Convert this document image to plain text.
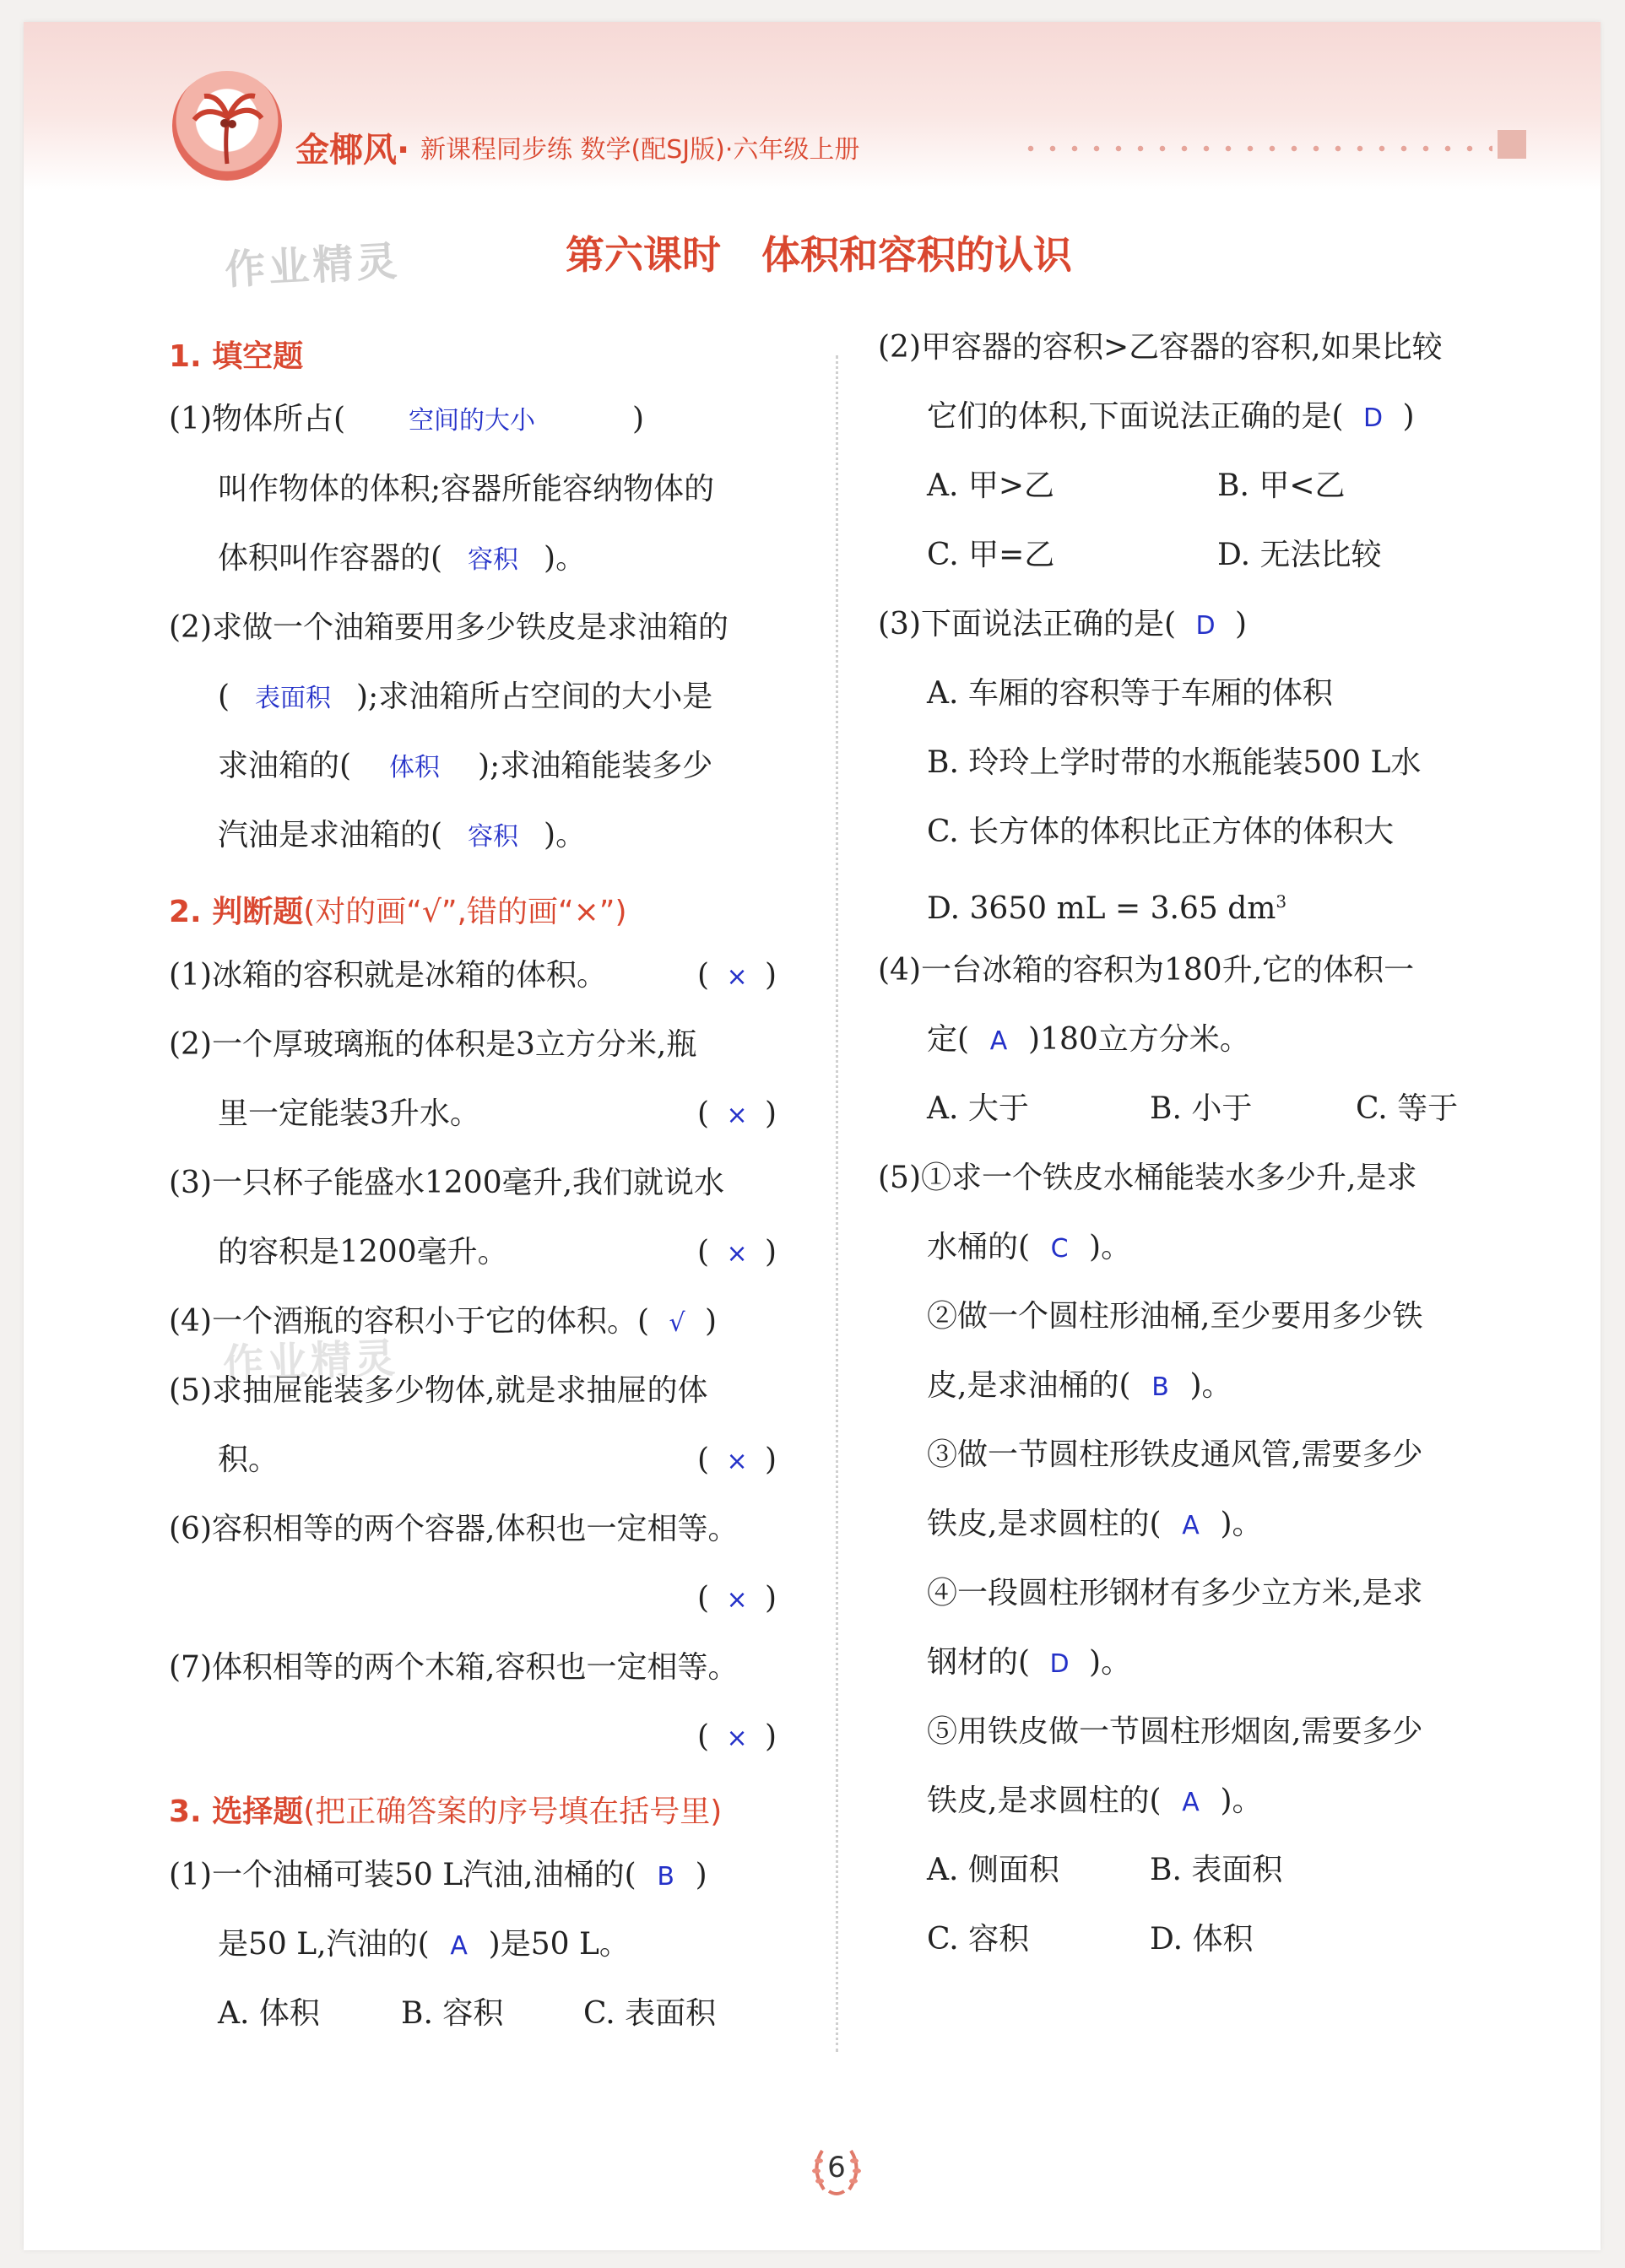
金椰风· 新课程同步练 数学(配SJ版)·六年级上册
作业精灵	第六课时   体积和容积的认识
1. 填空题
(1)物体所占(	空间的大小	)
叫作物体的体积;容器所能容纳物体的
体积叫作容器的( 容积 )。
(2)求做一个油箱要用多少铁皮是求油箱的
( 表面积 );求油箱所占空间的大小是
求油箱的( 体积 );求油箱能装多少
汽油是求油箱的( 容积 )。
2. 判断题(对的画“√”,错的画“×”)
(1)冰箱的容积就是冰箱的体积。	( × )
(2)一个厚玻璃瓶的体积是3立方分米,瓶
里一定能装3升水。	( × )
(3)一只杯子能盛水1200毫升,我们就说水
的容积是1200毫升。	( × )
(4)一个酒瓶的容积小于它的体积。( √ )
作业精灵
(5)求抽屉能装多少物体,就是求抽屉的体
积。	( × )
(6)容积相等的两个容器,体积也一定相等。
( × )
(7)体积相等的两个木箱,容积也一定相等。
( × )
3. 选择题(把正确答案的序号填在括号里)
(1)一个油桶可装50 L汽油,油桶的( B )
是50 L,汽油的( A )是50 L。
A. 体积	B. 容积	C. 表面积
(2)甲容器的容积>乙容器的容积,如果比较
它们的体积,下面说法正确的是( D )
A. 甲>乙	B. 甲<乙
C. 甲=乙	D. 无法比较
(3)下面说法正确的是( D )
A. 车厢的容积等于车厢的体积
B. 玲玲上学时带的水瓶能装500 L水
C. 长方体的体积比正方体的体积大
D. 3650 mL = 3.65 $dm^3$
(4)一台冰箱的容积为180升,它的体积一
定( A )180立方分米。
A. 大于	B. 小于	C. 等于
(5)①求一个铁皮水桶能装水多少升,是求
水桶的( C )。
②做一个圆柱形油桶,至少要用多少铁
皮,是求油桶的( B )。
③做一节圆柱形铁皮通风管,需要多少
铁皮,是求圆柱的( A )。
④一段圆柱形钢材有多少立方米,是求
钢材的( D )。
⑤用铁皮做一节圆柱形烟囱,需要多少
铁皮,是求圆柱的( A )。
A. 侧面积	B. 表面积
C. 容积	D. 体积
6
